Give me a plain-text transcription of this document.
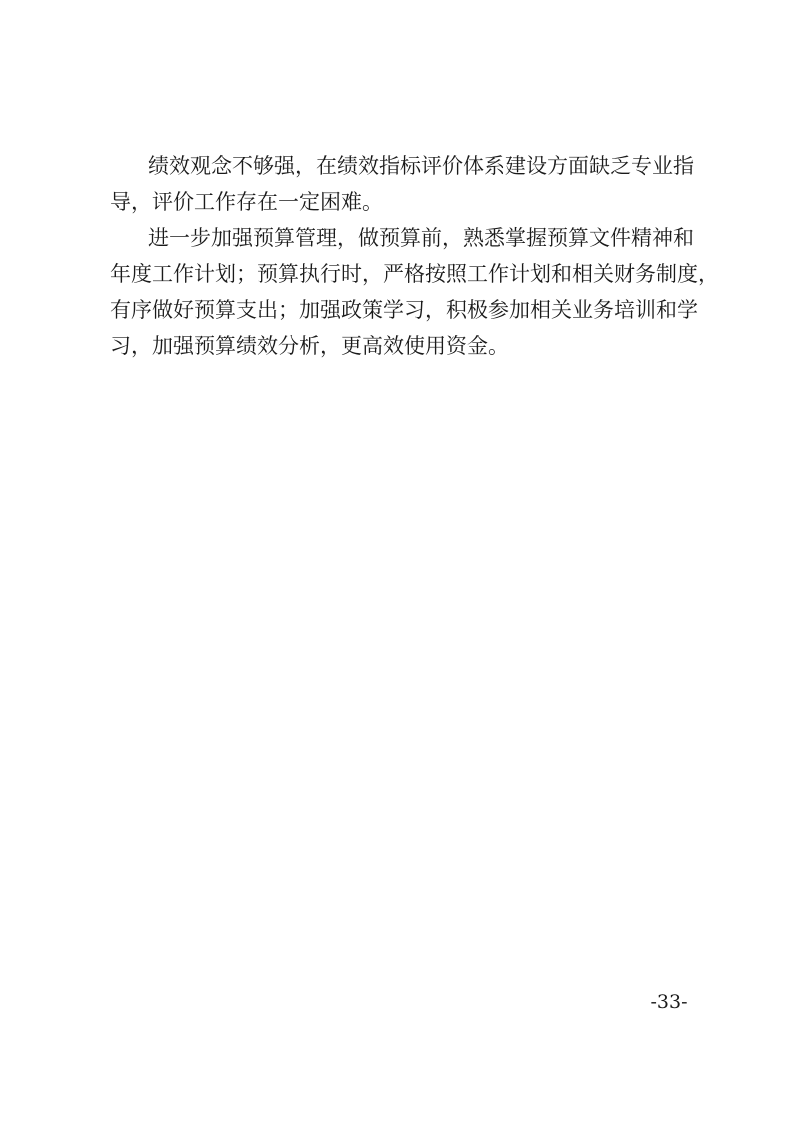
绩效观念不够强，在绩效指标评价体系建设方面缺乏专业指
导，评价工作存在一定困难。
进一步加强预算管理，做预算前，熟悉掌握预算文件精神和
年度工作计划；预算执行时，严格按照工作计划和相关财务制度，
有序做好预算支出；加强政策学习，积极参加相关业务培训和学
习，加强预算绩效分析，更高效使用资金。
-33-
